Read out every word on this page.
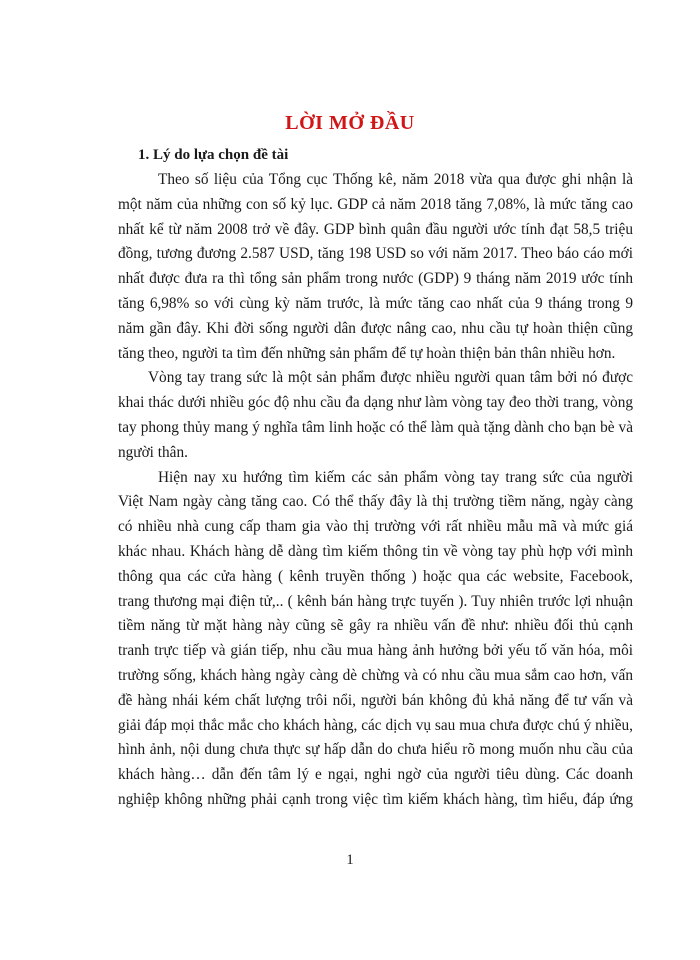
LỜI MỞ ĐẦU
1. Lý do lựa chọn đề tài
Theo số liệu của Tổng cục Thống kê, năm 2018 vừa qua được ghi nhận là
một năm của những con số kỷ lục. GDP cả năm 2018 tăng 7,08%, là mức tăng cao
nhất kể từ năm 2008 trở về đây. GDP bình quân đầu người ước tính đạt 58,5 triệu
đồng, tương đương 2.587 USD, tăng 198 USD so với năm 2017. Theo báo cáo mới
nhất được đưa ra thì tổng sản phẩm trong nước (GDP) 9 tháng năm 2019 ước tính
tăng 6,98% so với cùng kỳ năm trước, là mức tăng cao nhất của 9 tháng trong 9
năm gần đây. Khi đời sống người dân được nâng cao, nhu cầu tự hoàn thiện cũng
tăng theo, người ta tìm đến những sản phẩm để tự hoàn thiện bản thân nhiều hơn.
Vòng tay trang sức là một sản phẩm được nhiều người quan tâm bởi nó được
khai thác dưới nhiều góc độ nhu cầu đa dạng như làm vòng tay đeo thời trang, vòng
tay phong thủy mang ý nghĩa tâm linh hoặc có thể làm quà tặng dành cho bạn bè và
người thân.
Hiện nay xu hướng tìm kiếm các sản phẩm vòng tay trang sức của người
Việt Nam ngày càng tăng cao. Có thể thấy đây là thị trường tiềm năng, ngày càng
có nhiều nhà cung cấp tham gia vào thị trường với rất nhiều mẫu mã và mức giá
khác nhau. Khách hàng dễ dàng tìm kiếm thông tin về vòng tay phù hợp với mình
thông qua các cửa hàng ( kênh truyền thống ) hoặc qua các website, Facebook,
trang thương mại điện tử,.. ( kênh bán hàng trực tuyến ). Tuy nhiên trước lợi nhuận
tiềm năng từ mặt hàng này cũng sẽ gây ra nhiều vấn đề như: nhiều đối thủ cạnh
tranh trực tiếp và gián tiếp, nhu cầu mua hàng ảnh hưởng bởi yếu tố văn hóa, môi
trường sống, khách hàng ngày càng dè chừng và có nhu cầu mua sắm cao hơn, vấn
đề hàng nhái kém chất lượng trôi nổi, người bán không đủ khả năng để tư vấn và
giải đáp mọi thắc mắc cho khách hàng, các dịch vụ sau mua chưa được chú ý nhiều,
hình ảnh, nội dung chưa thực sự hấp dẫn do chưa hiểu rõ mong muốn nhu cầu của
khách hàng… dẫn đến tâm lý e ngại, nghi ngờ của người tiêu dùng. Các doanh
nghiệp không những phải cạnh trong việc tìm kiếm khách hàng, tìm hiểu, đáp ứng
1
